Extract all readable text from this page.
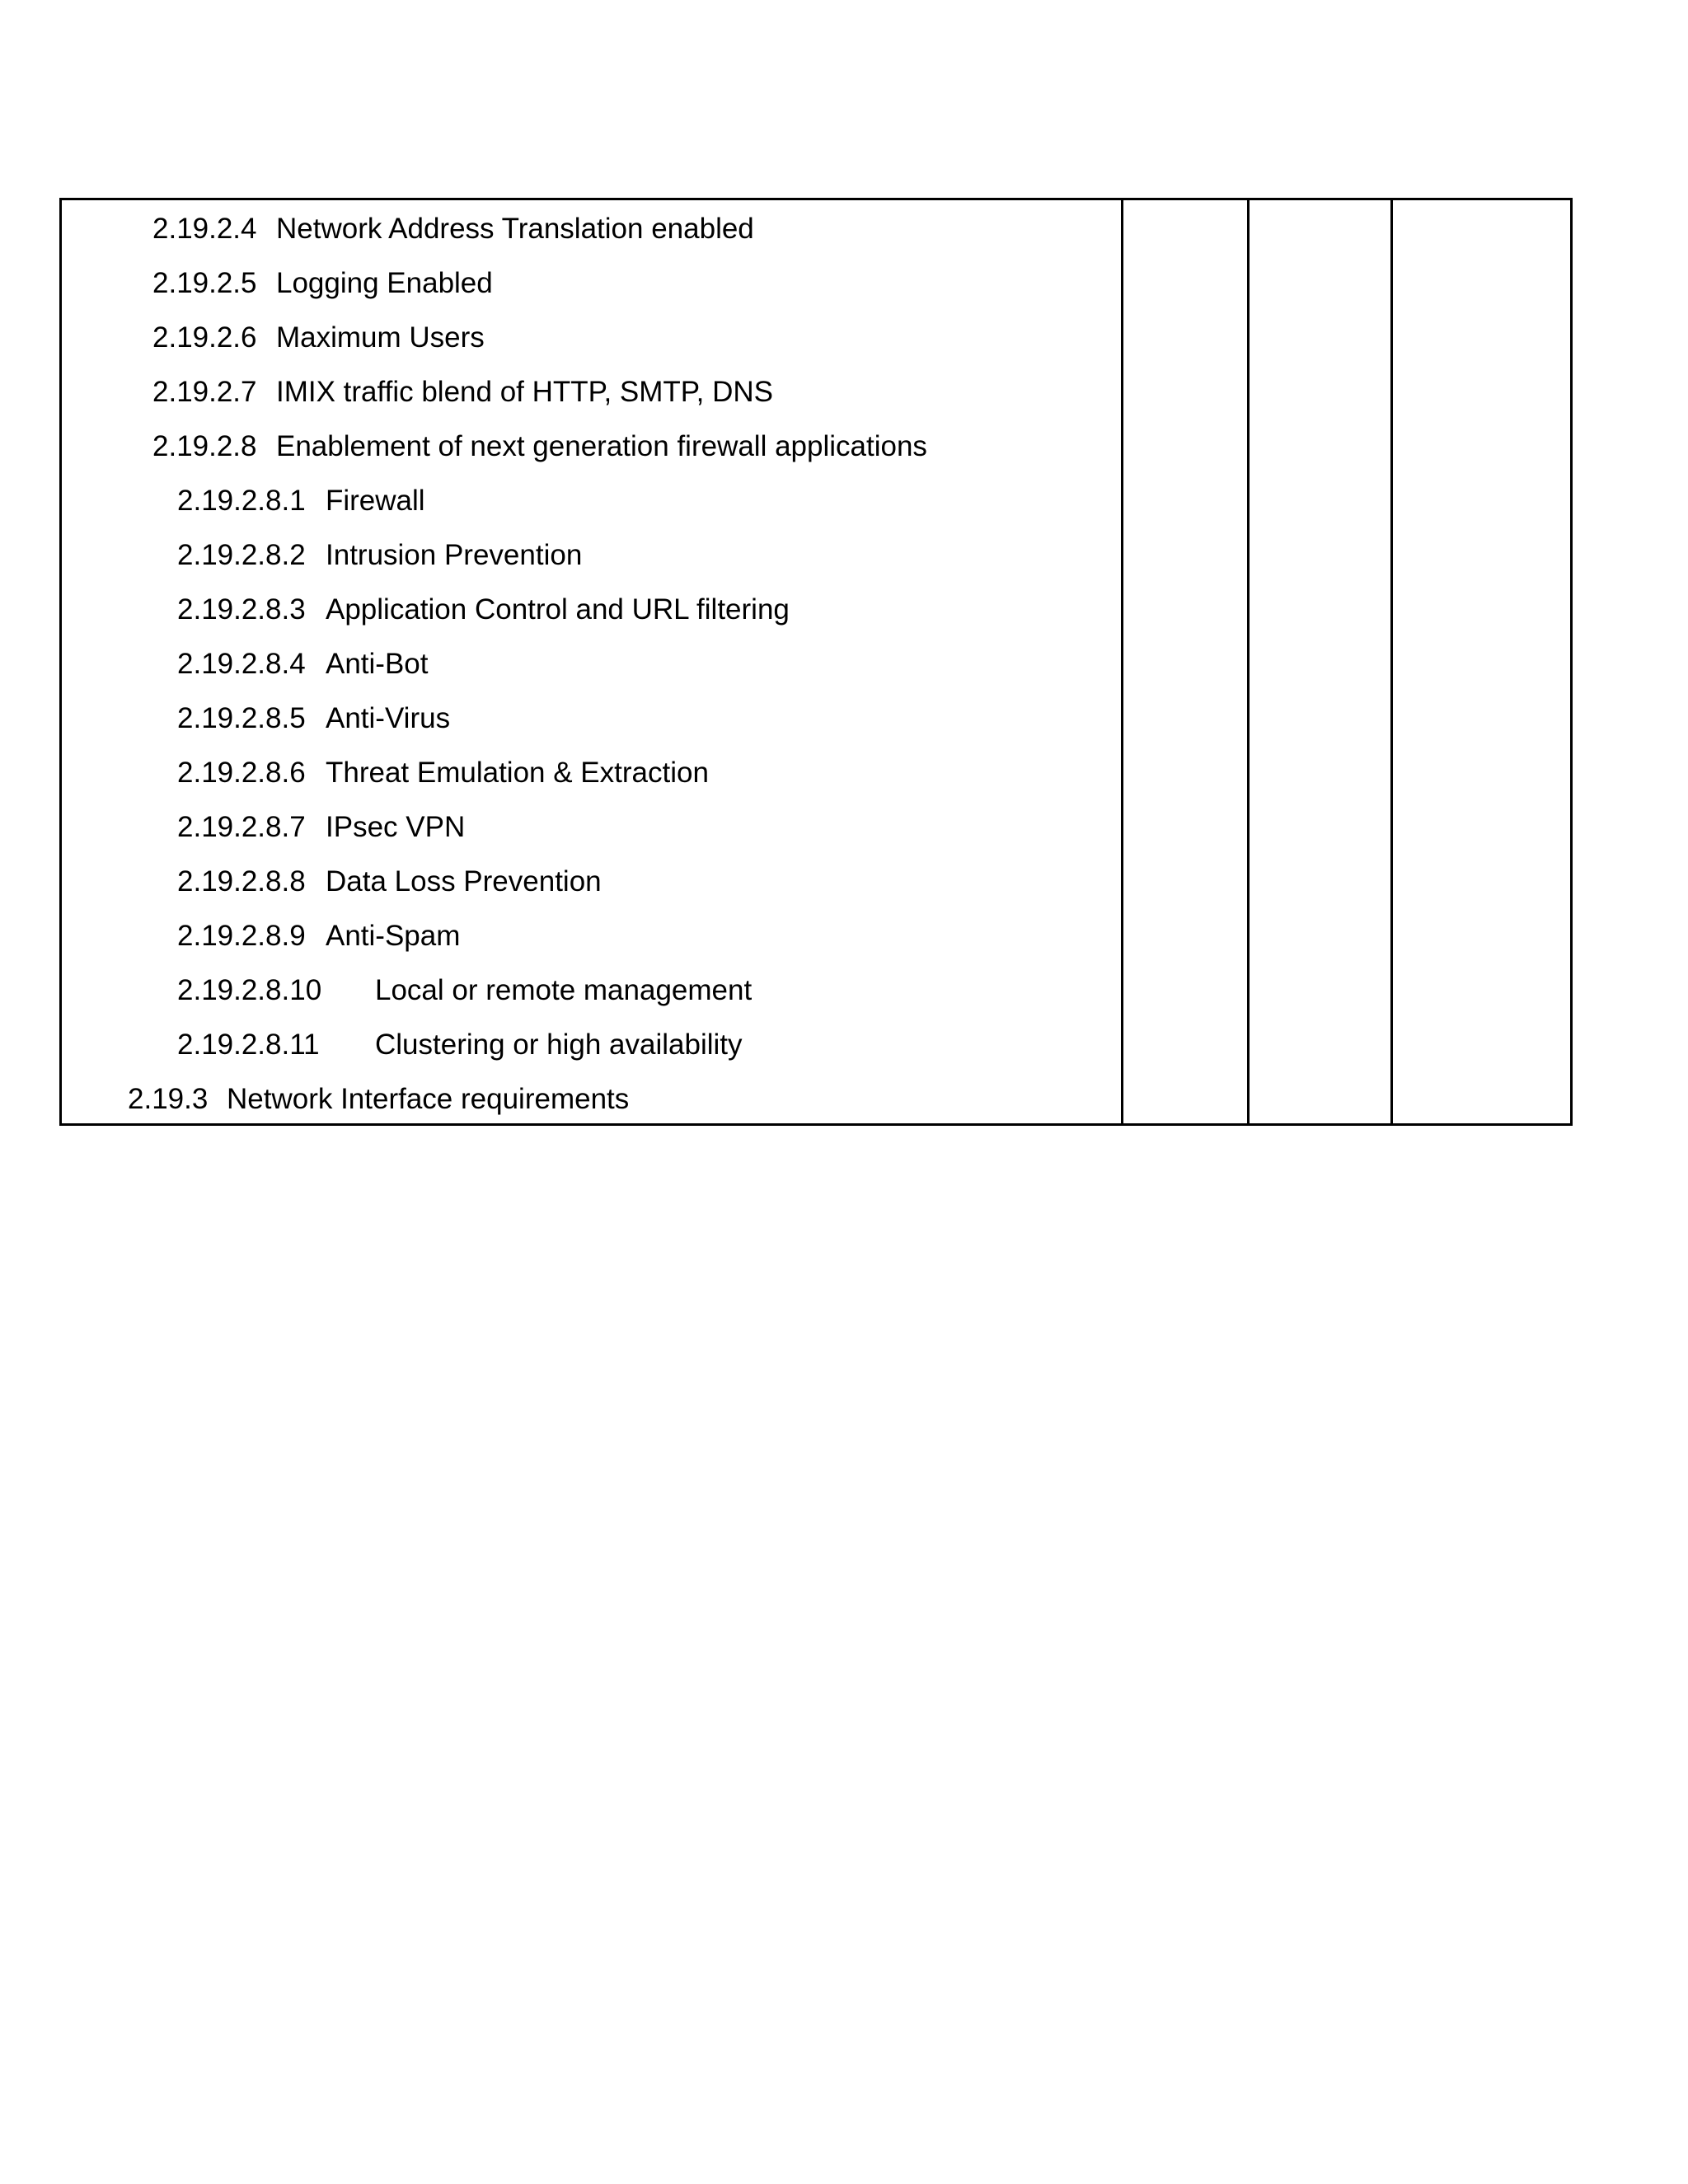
2.19.2.4 Network Address Translation enabled
2.19.2.5 Logging Enabled
2.19.2.6 Maximum Users
2.19.2.7 IMIX traffic blend of HTTP, SMTP, DNS
2.19.2.8 Enablement of next generation firewall applications
2.19.2.8.1 Firewall
2.19.2.8.2 Intrusion Prevention
2.19.2.8.3 Application Control and URL filtering
2.19.2.8.4 Anti-Bot
2.19.2.8.5 Anti-Virus
2.19.2.8.6 Threat Emulation & Extraction
2.19.2.8.7 IPsec VPN
2.19.2.8.8 Data Loss Prevention
2.19.2.8.9 Anti-Spam
2.19.2.8.10 Local or remote management
2.19.2.8.11 Clustering or high availability
2.19.3 Network Interface requirements
